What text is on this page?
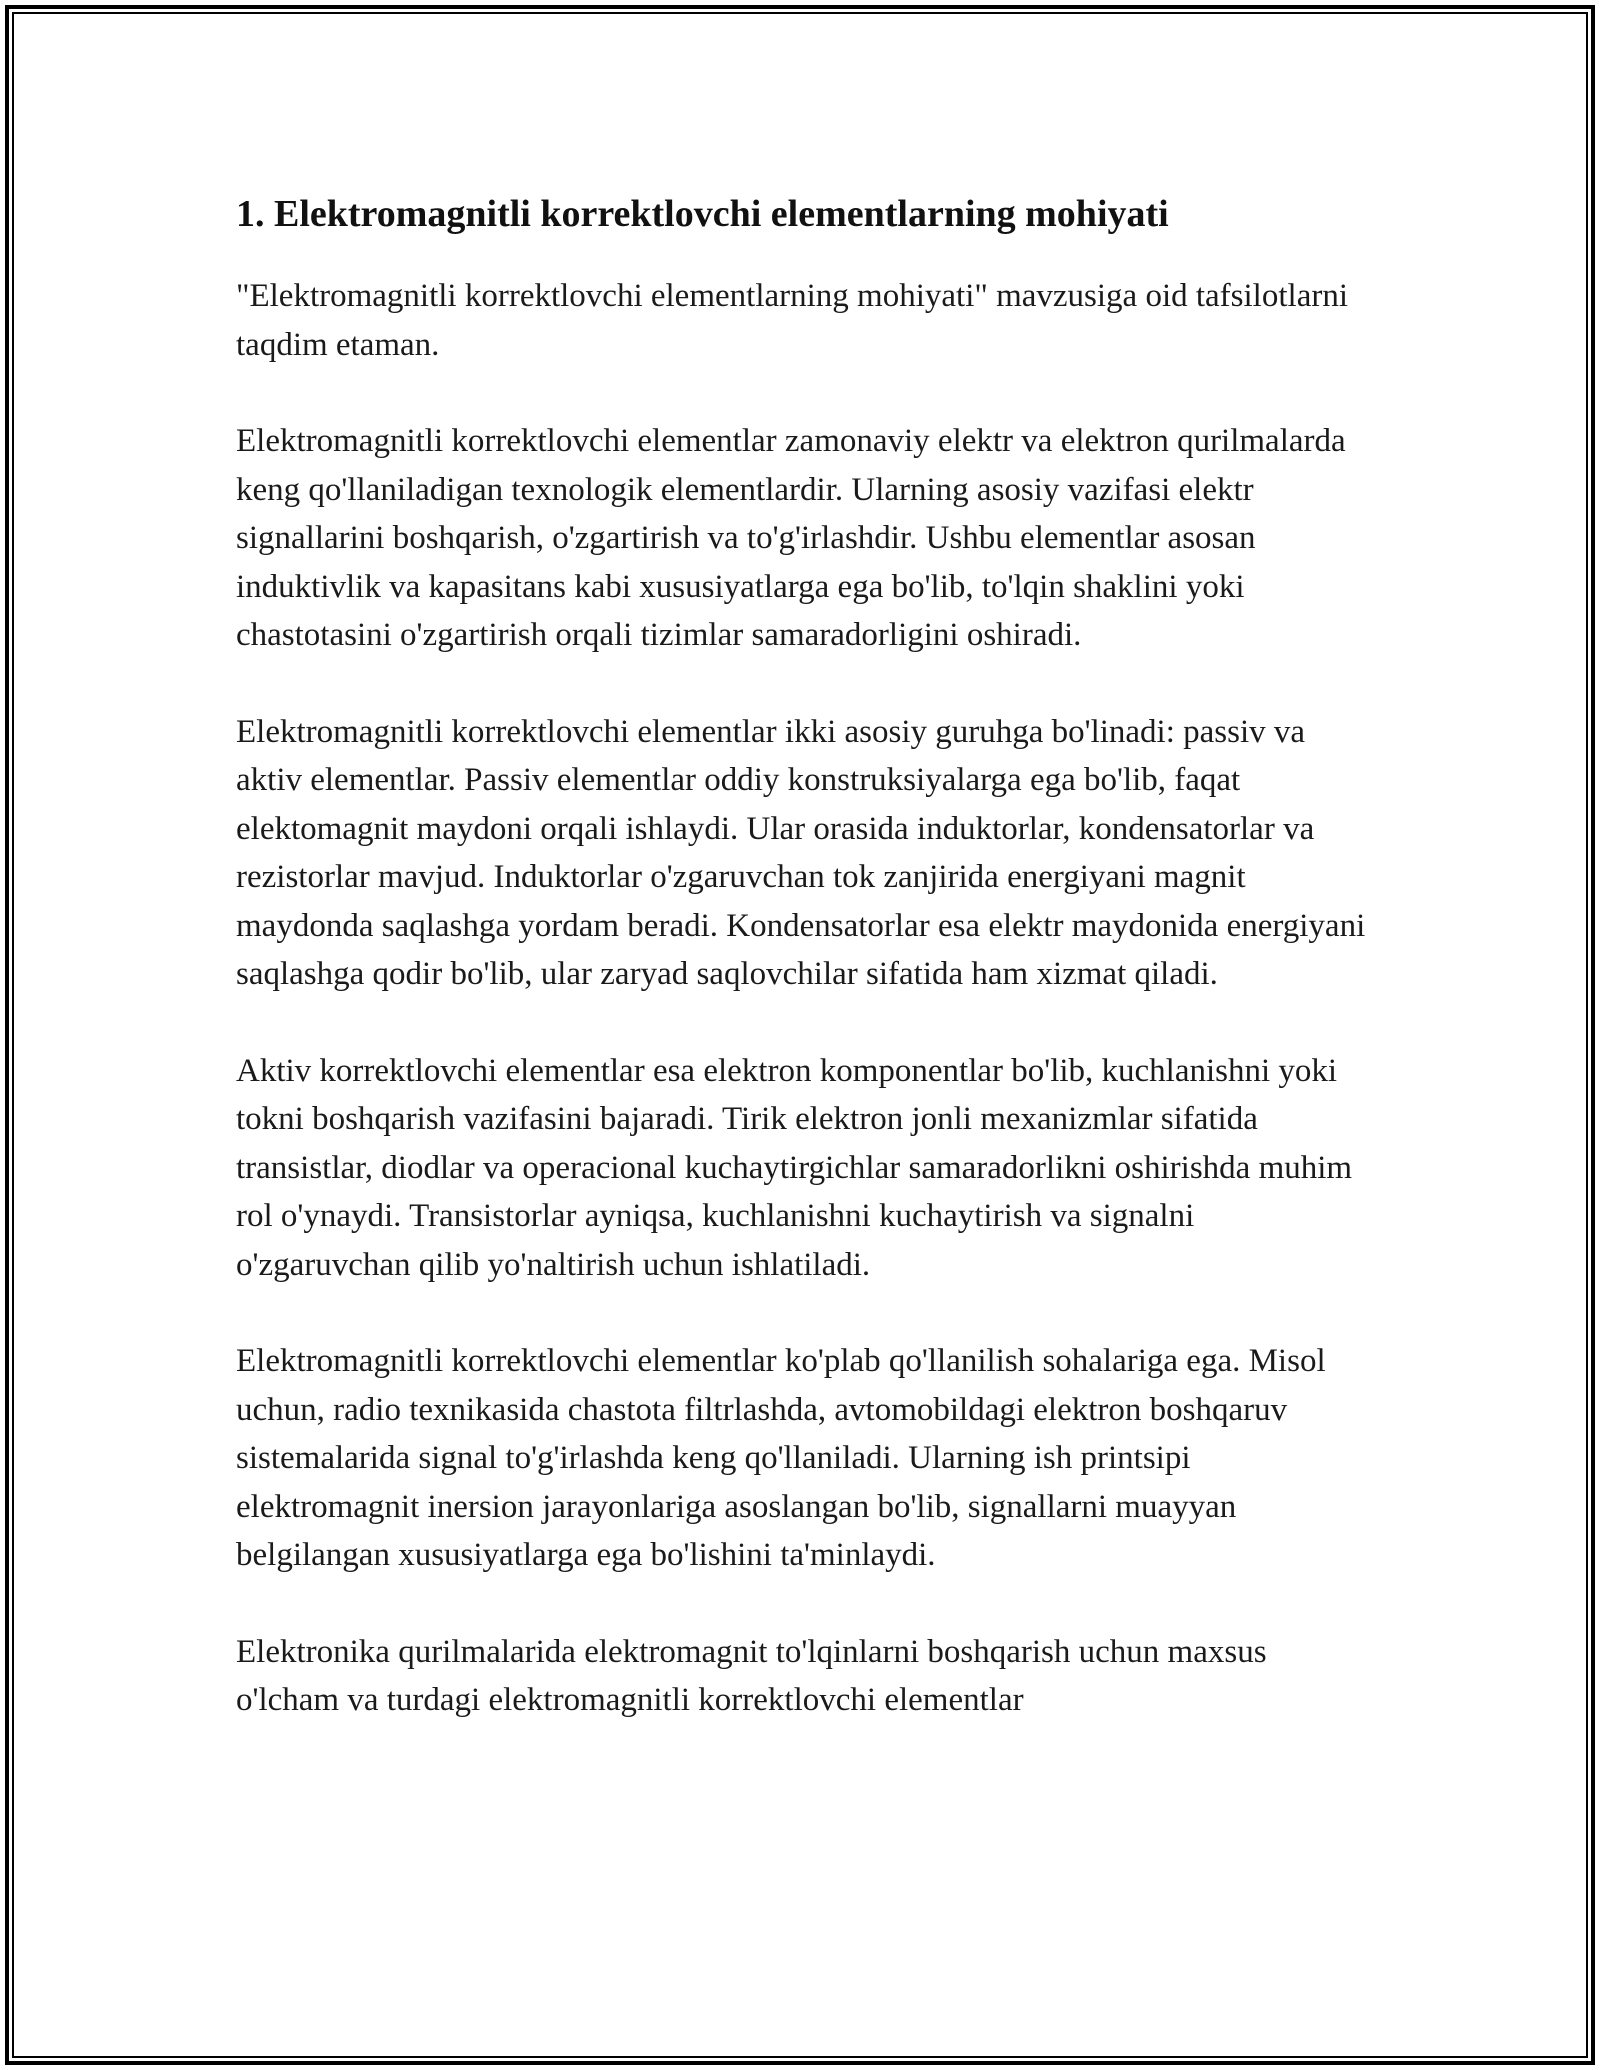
1. Elektromagnitli korrektlovchi elementlarning mohiyati

"Elektromagnitli korrektlovchi elementlarning mohiyati" mavzusiga oid tafsilotlarni taqdim etaman.

Elektromagnitli korrektlovchi elementlar zamonaviy elektr va elektron qurilmalarda keng qo'llaniladigan texnologik elementlardir. Ularning asosiy vazifasi elektr signallarini boshqarish, o'zgartirish va to'g'irlashdir. Ushbu elementlar asosan induktivlik va kapasitans kabi xususiyatlarga ega bo'lib, to'lqin shaklini yoki chastotasini o'zgartirish orqali tizimlar samaradorligini oshiradi.

Elektromagnitli korrektlovchi elementlar ikki asosiy guruhga bo'linadi: passiv va aktiv elementlar. Passiv elementlar oddiy konstruksiyalarga ega bo'lib, faqat elektomagnit maydoni orqali ishlaydi. Ular orasida induktorlar, kondensatorlar va rezistorlar mavjud. Induktorlar o'zgaruvchan tok zanjirida energiyani magnit maydonda saqlashga yordam beradi. Kondensatorlar esa elektr maydonida energiyani saqlashga qodir bo'lib, ular zaryad saqlovchilar sifatida ham xizmat qiladi.

Aktiv korrektlovchi elementlar esa elektron komponentlar bo'lib, kuchlanishni yoki tokni boshqarish vazifasini bajaradi. Tirik elektron jonli mexanizmlar sifatida transistlar, diodlar va operacional kuchaytirgichlar samaradorlikni oshirishda muhim rol o'ynaydi. Transistorlar ayniqsa, kuchlanishni kuchaytirish va signalni o'zgaruvchan qilib yo'naltirish uchun ishlatiladi.

Elektromagnitli korrektlovchi elementlar ko'plab qo'llanilish sohalariga ega. Misol uchun, radio texnikasida chastota filtrlashda, avtomobildagi elektron boshqaruv sistemalarida signal to'g'irlashda keng qo'llaniladi. Ularning ish printsipi elektromagnit inersion jarayonlariga asoslangan bo'lib, signallarni muayyan belgilangan xususiyatlarga ega bo'lishini ta'minlaydi.

Elektronika qurilmalarida elektromagnit to'lqinlarni boshqarish uchun maxsus o'lcham va turdagi elektromagnitli korrektlovchi elementlar
